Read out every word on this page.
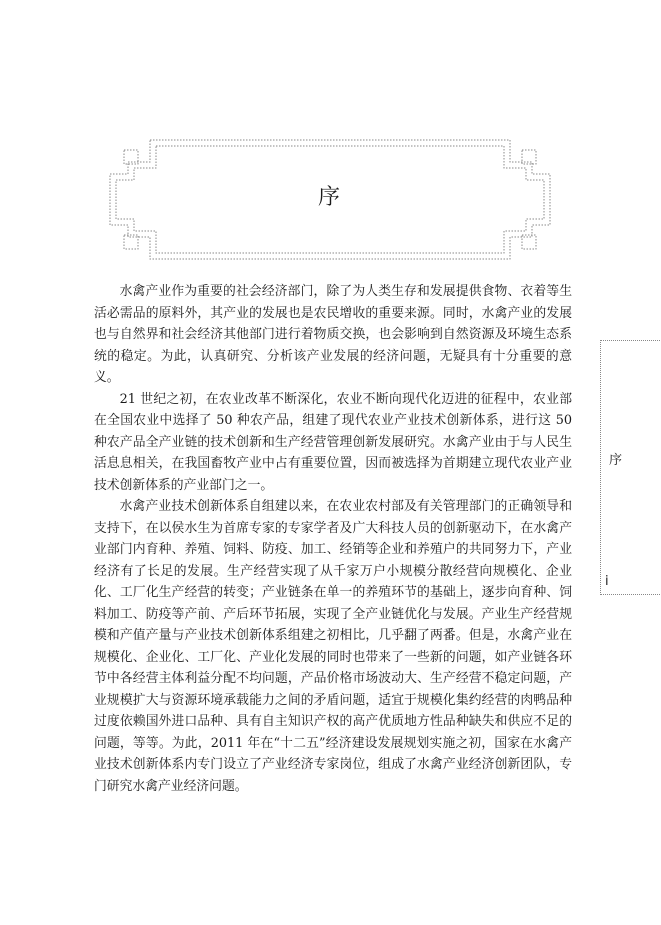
序

水禽产业作为重要的社会经济部门，除了为人类生存和发展提供食物、衣着等生活必需品的原料外，其产业的发展也是农民增收的重要来源。同时，水禽产业的发展也与自然界和社会经济其他部门进行着物质交换，也会影响到自然资源及环境生态系统的稳定。为此，认真研究、分析该产业发展的经济问题，无疑具有十分重要的意义。

21 世纪之初，在农业改革不断深化，农业不断向现代化迈进的征程中，农业部在全国农业中选择了 50 种农产品，组建了现代农业产业技术创新体系，进行这 50 种农产品全产业链的技术创新和生产经营管理创新发展研究。水禽产业由于与人民生活息息相关，在我国畜牧产业中占有重要位置，因而被选择为首期建立现代农业产业技术创新体系的产业部门之一。

水禽产业技术创新体系自组建以来，在农业农村部及有关管理部门的正确领导和支持下，在以侯水生为首席专家的专家学者及广大科技人员的创新驱动下，在水禽产业部门内育种、养殖、饲料、防疫、加工、经销等企业和养殖户的共同努力下，产业经济有了长足的发展。生产经营实现了从千家万户小规模分散经营向规模化、企业化、工厂化生产经营的转变；产业链条在单一的养殖环节的基础上，逐步向育种、饲料加工、防疫等产前、产后环节拓展，实现了全产业链优化与发展。产业生产经营规模和产值产量与产业技术创新体系组建之初相比，几乎翻了两番。但是，水禽产业在规模化、企业化、工厂化、产业化发展的同时也带来了一些新的问题，如产业链各环节中各经营主体利益分配不均问题，产品价格市场波动大、生产经营不稳定问题，产业规模扩大与资源环境承载能力之间的矛盾问题，适宜于规模化集约经营的肉鸭品种过度依赖国外进口品种、具有自主知识产权的高产优质地方性品种缺失和供应不足的问题，等等。为此，2011 年在“十二五”经济建设发展规划实施之初，国家在水禽产业技术创新体系内专门设立了产业经济专家岗位，组成了水禽产业经济创新团队，专门研究水禽产业经济问题。

序
i
